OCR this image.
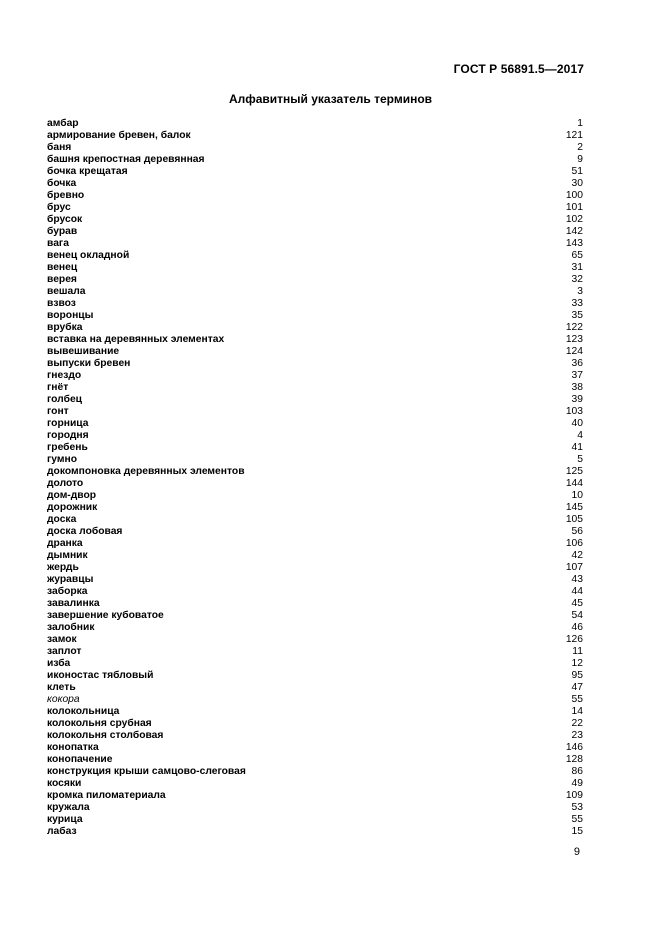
ГОСТ Р 56891.5—2017
Алфавитный указатель терминов
амбар	1
армирование бревен, балок	121
баня	2
башня крепостная деревянная	9
бочка крещатая	51
бочка	30
бревно	100
брус	101
брусок	102
бурав	142
вага	143
венец окладной	65
венец	31
верея	32
вешала	3
взвоз	33
воронцы	35
врубка	122
вставка на деревянных элементах	123
вывешивание	124
выпуски бревен	36
гнездо	37
гнёт	38
голбец	39
гонт	103
горница	40
городня	4
гребень	41
гумно	5
докомпоновка деревянных элементов	125
долото	144
дом-двор	10
дорожник	145
доска	105
доска лобовая	56
дранка	106
дымник	42
жердь	107
журавцы	43
заборка	44
завалинка	45
завершение кубоватое	54
залобник	46
замок	126
заплот	11
изба	12
иконостас тябловый	95
клеть	47
кокора	55
колокольница	14
колокольня срубная	22
колокольня столбовая	23
конопатка	146
конопачение	128
конструкция крыши самцово-слеговая	86
косяки	49
кромка пиломатериала	109
кружала	53
курица	55
лабаз	15
9
